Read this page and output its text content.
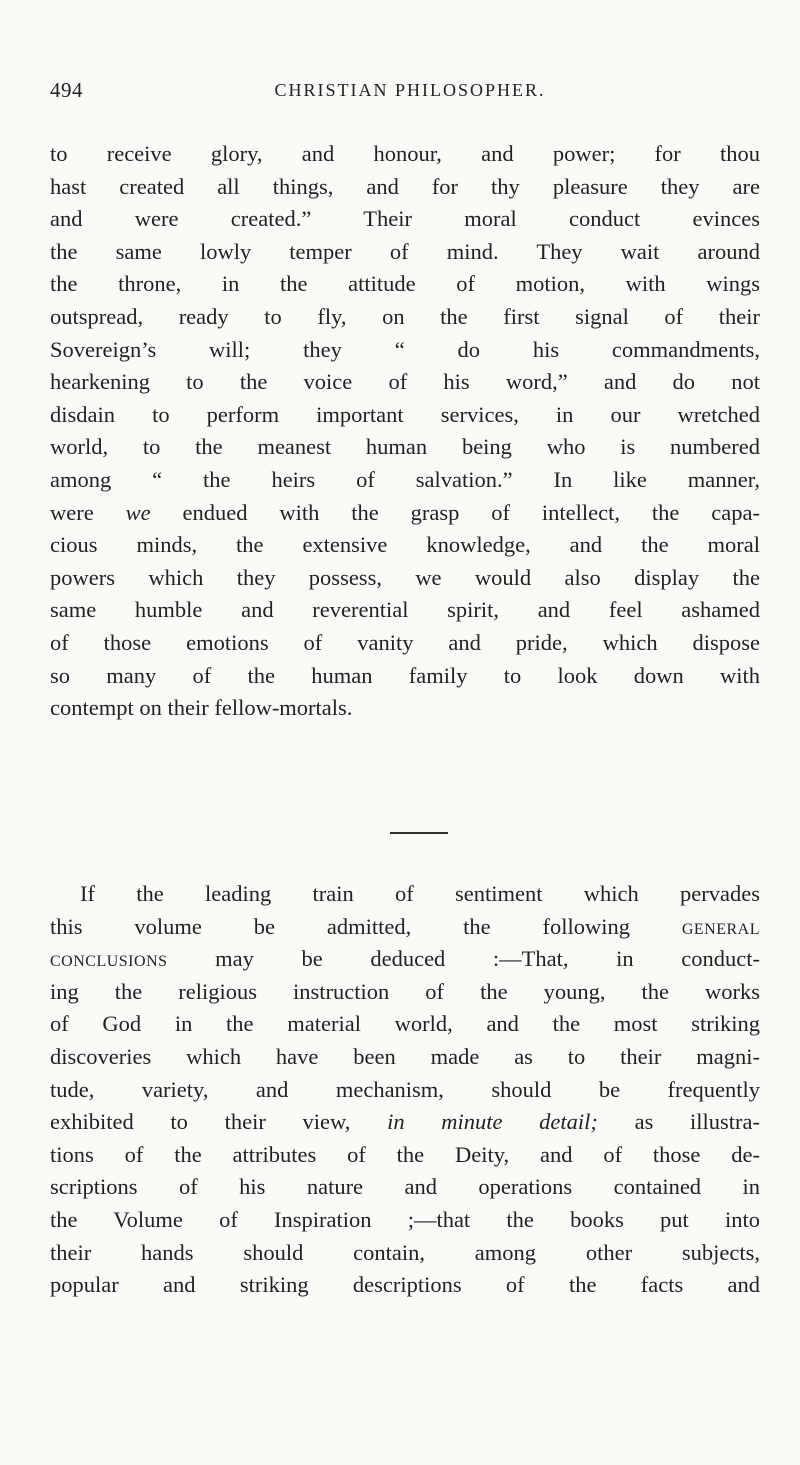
494	CHRISTIAN PHILOSOPHER.
to receive glory, and honour, and power; for thou
hast created all things, and for thy pleasure they are
and were created.” Their moral conduct evinces
the same lowly temper of mind. They wait around
the throne, in the attitude of motion, with wings
outspread, ready to fly, on the first signal of their
Sovereign’s will; they “ do his commandments,
hearkening to the voice of his word,” and do not
disdain to perform important services, in our wretched
world, to the meanest human being who is numbered
among “ the heirs of salvation.” In like manner,
were we endued with the grasp of intellect, the capa-
cious minds, the extensive knowledge, and the moral
powers which they possess, we would also display the
same humble and reverential spirit, and feel ashamed
of those emotions of vanity and pride, which dispose
so many of the human family to look down with
contempt on their fellow-mortals.
If the leading train of sentiment which pervades
this volume be admitted, the following general
conclusions may be deduced :—That, in conduct-
ing the religious instruction of the young, the works
of God in the material world, and the most striking
discoveries which have been made as to their magni-
tude, variety, and mechanism, should be frequently
exhibited to their view, in minute detail; as illustra-
tions of the attributes of the Deity, and of those de-
scriptions of his nature and operations contained in
the Volume of Inspiration ;—that the books put into
their hands should contain, among other subjects,
popular and striking descriptions of the facts and
